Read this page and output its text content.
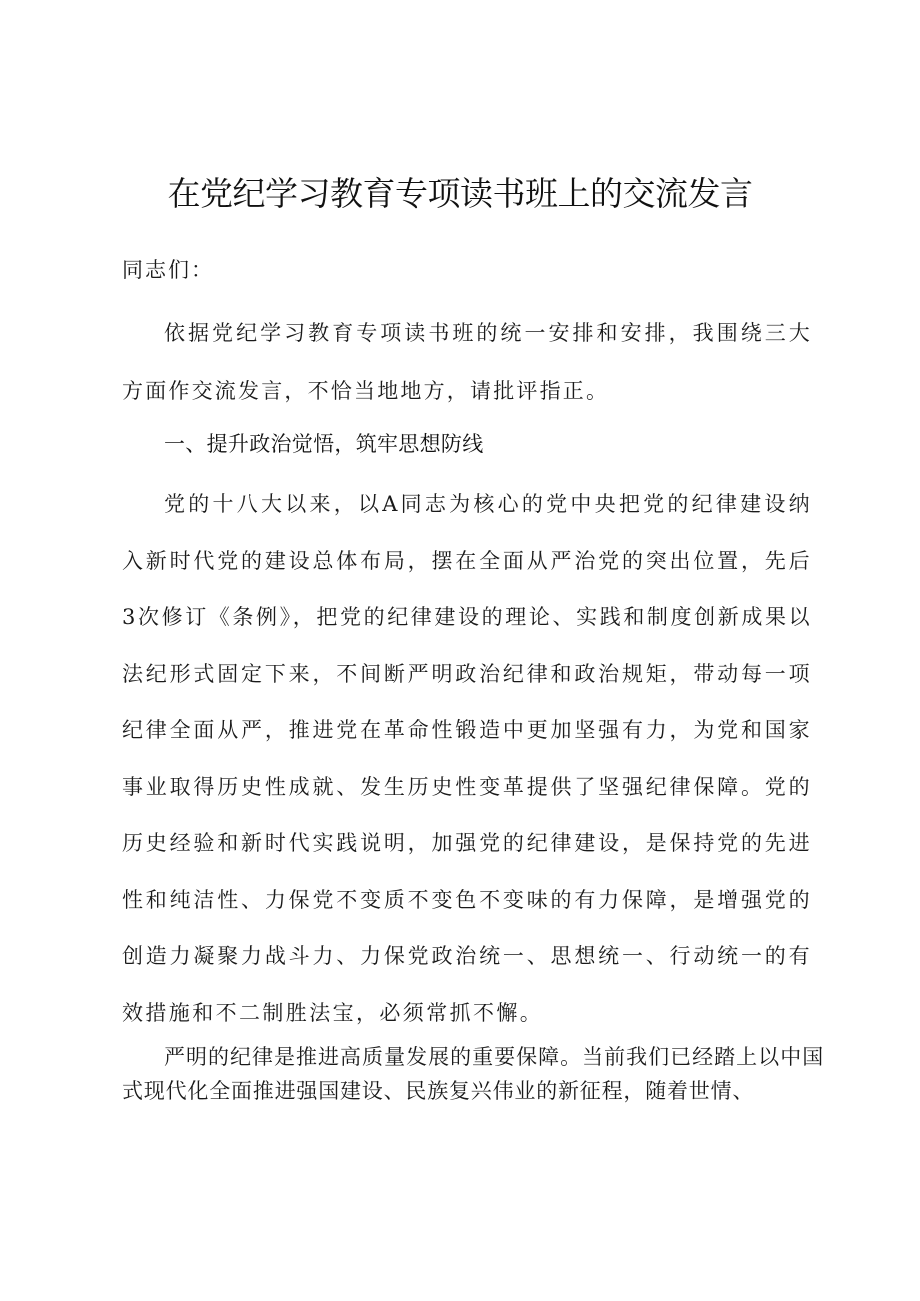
在党纪学习教育专项读书班上的交流发言
同志们：
依据党纪学习教育专项读书班的统一安排和安排，我围绕三大方面作交流发言，不恰当地地方，请批评指正。
一、提升政治觉悟，筑牢思想防线
党的十八大以来，以A同志为核心的党中央把党的纪律建设纳入新时代党的建设总体布局，摆在全面从严治党的突出位置，先后3次修订《条例》，把党的纪律建设的理论、实践和制度创新成果以法纪形式固定下来，不间断严明政治纪律和政治规矩，带动每一项纪律全面从严，推进党在革命性锻造中更加坚强有力，为党和国家事业取得历史性成就、发生历史性变革提供了坚强纪律保障。党的历史经验和新时代实践说明，加强党的纪律建设，是保持党的先进性和纯洁性、力保党不变质不变色不变味的有力保障，是增强党的创造力凝聚力战斗力、力保党政治统一、思想统一、行动统一的有效措施和不二制胜法宝，必须常抓不懈。
严明的纪律是推进高质量发展的重要保障。当前我们已经踏上以中国式现代化全面推进强国建设、民族复兴伟业的新征程，随着世情、
